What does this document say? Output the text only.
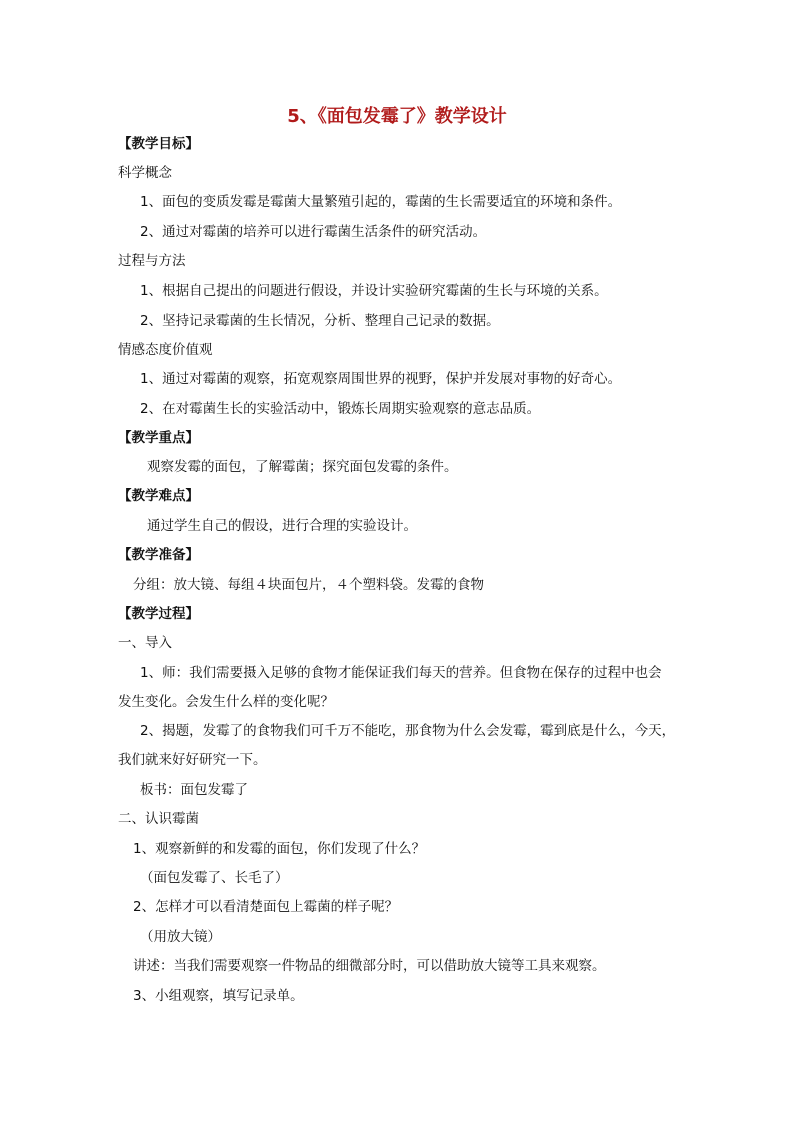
5、《面包发霉了》教学设计
【教学目标】
科学概念
1、面包的变质发霉是霉菌大量繁殖引起的，霉菌的生长需要适宜的环境和条件。
2、通过对霉菌的培养可以进行霉菌生活条件的研究活动。
过程与方法
1、根据自己提出的问题进行假设，并设计实验研究霉菌的生长与环境的关系。
2、坚持记录霉菌的生长情况，分析、整理自己记录的数据。
情感态度价值观
1、通过对霉菌的观察，拓宽观察周围世界的视野，保护并发展对事物的好奇心。
2、在对霉菌生长的实验活动中，锻炼长周期实验观察的意志品质。
【教学重点】
观察发霉的面包，了解霉菌；探究面包发霉的条件。
【教学难点】
通过学生自己的假设，进行合理的实验设计。
【教学准备】
分组：放大镜、每组４块面包片，４个塑料袋。发霉的食物
【教学过程】
一、导入
1、师：我们需要摄入足够的食物才能保证我们每天的营养。但食物在保存的过程中也会
发生变化。会发生什么样的变化呢？
2、揭题，发霉了的食物我们可千万不能吃，那食物为什么会发霉，霉到底是什么，今天，
我们就来好好研究一下。
板书：面包发霉了
二、认识霉菌
1、观察新鲜的和发霉的面包，你们发现了什么？
（面包发霉了、长毛了）
2、怎样才可以看清楚面包上霉菌的样子呢？
（用放大镜）
讲述：当我们需要观察一件物品的细微部分时，可以借助放大镜等工具来观察。
3、小组观察，填写记录单。
